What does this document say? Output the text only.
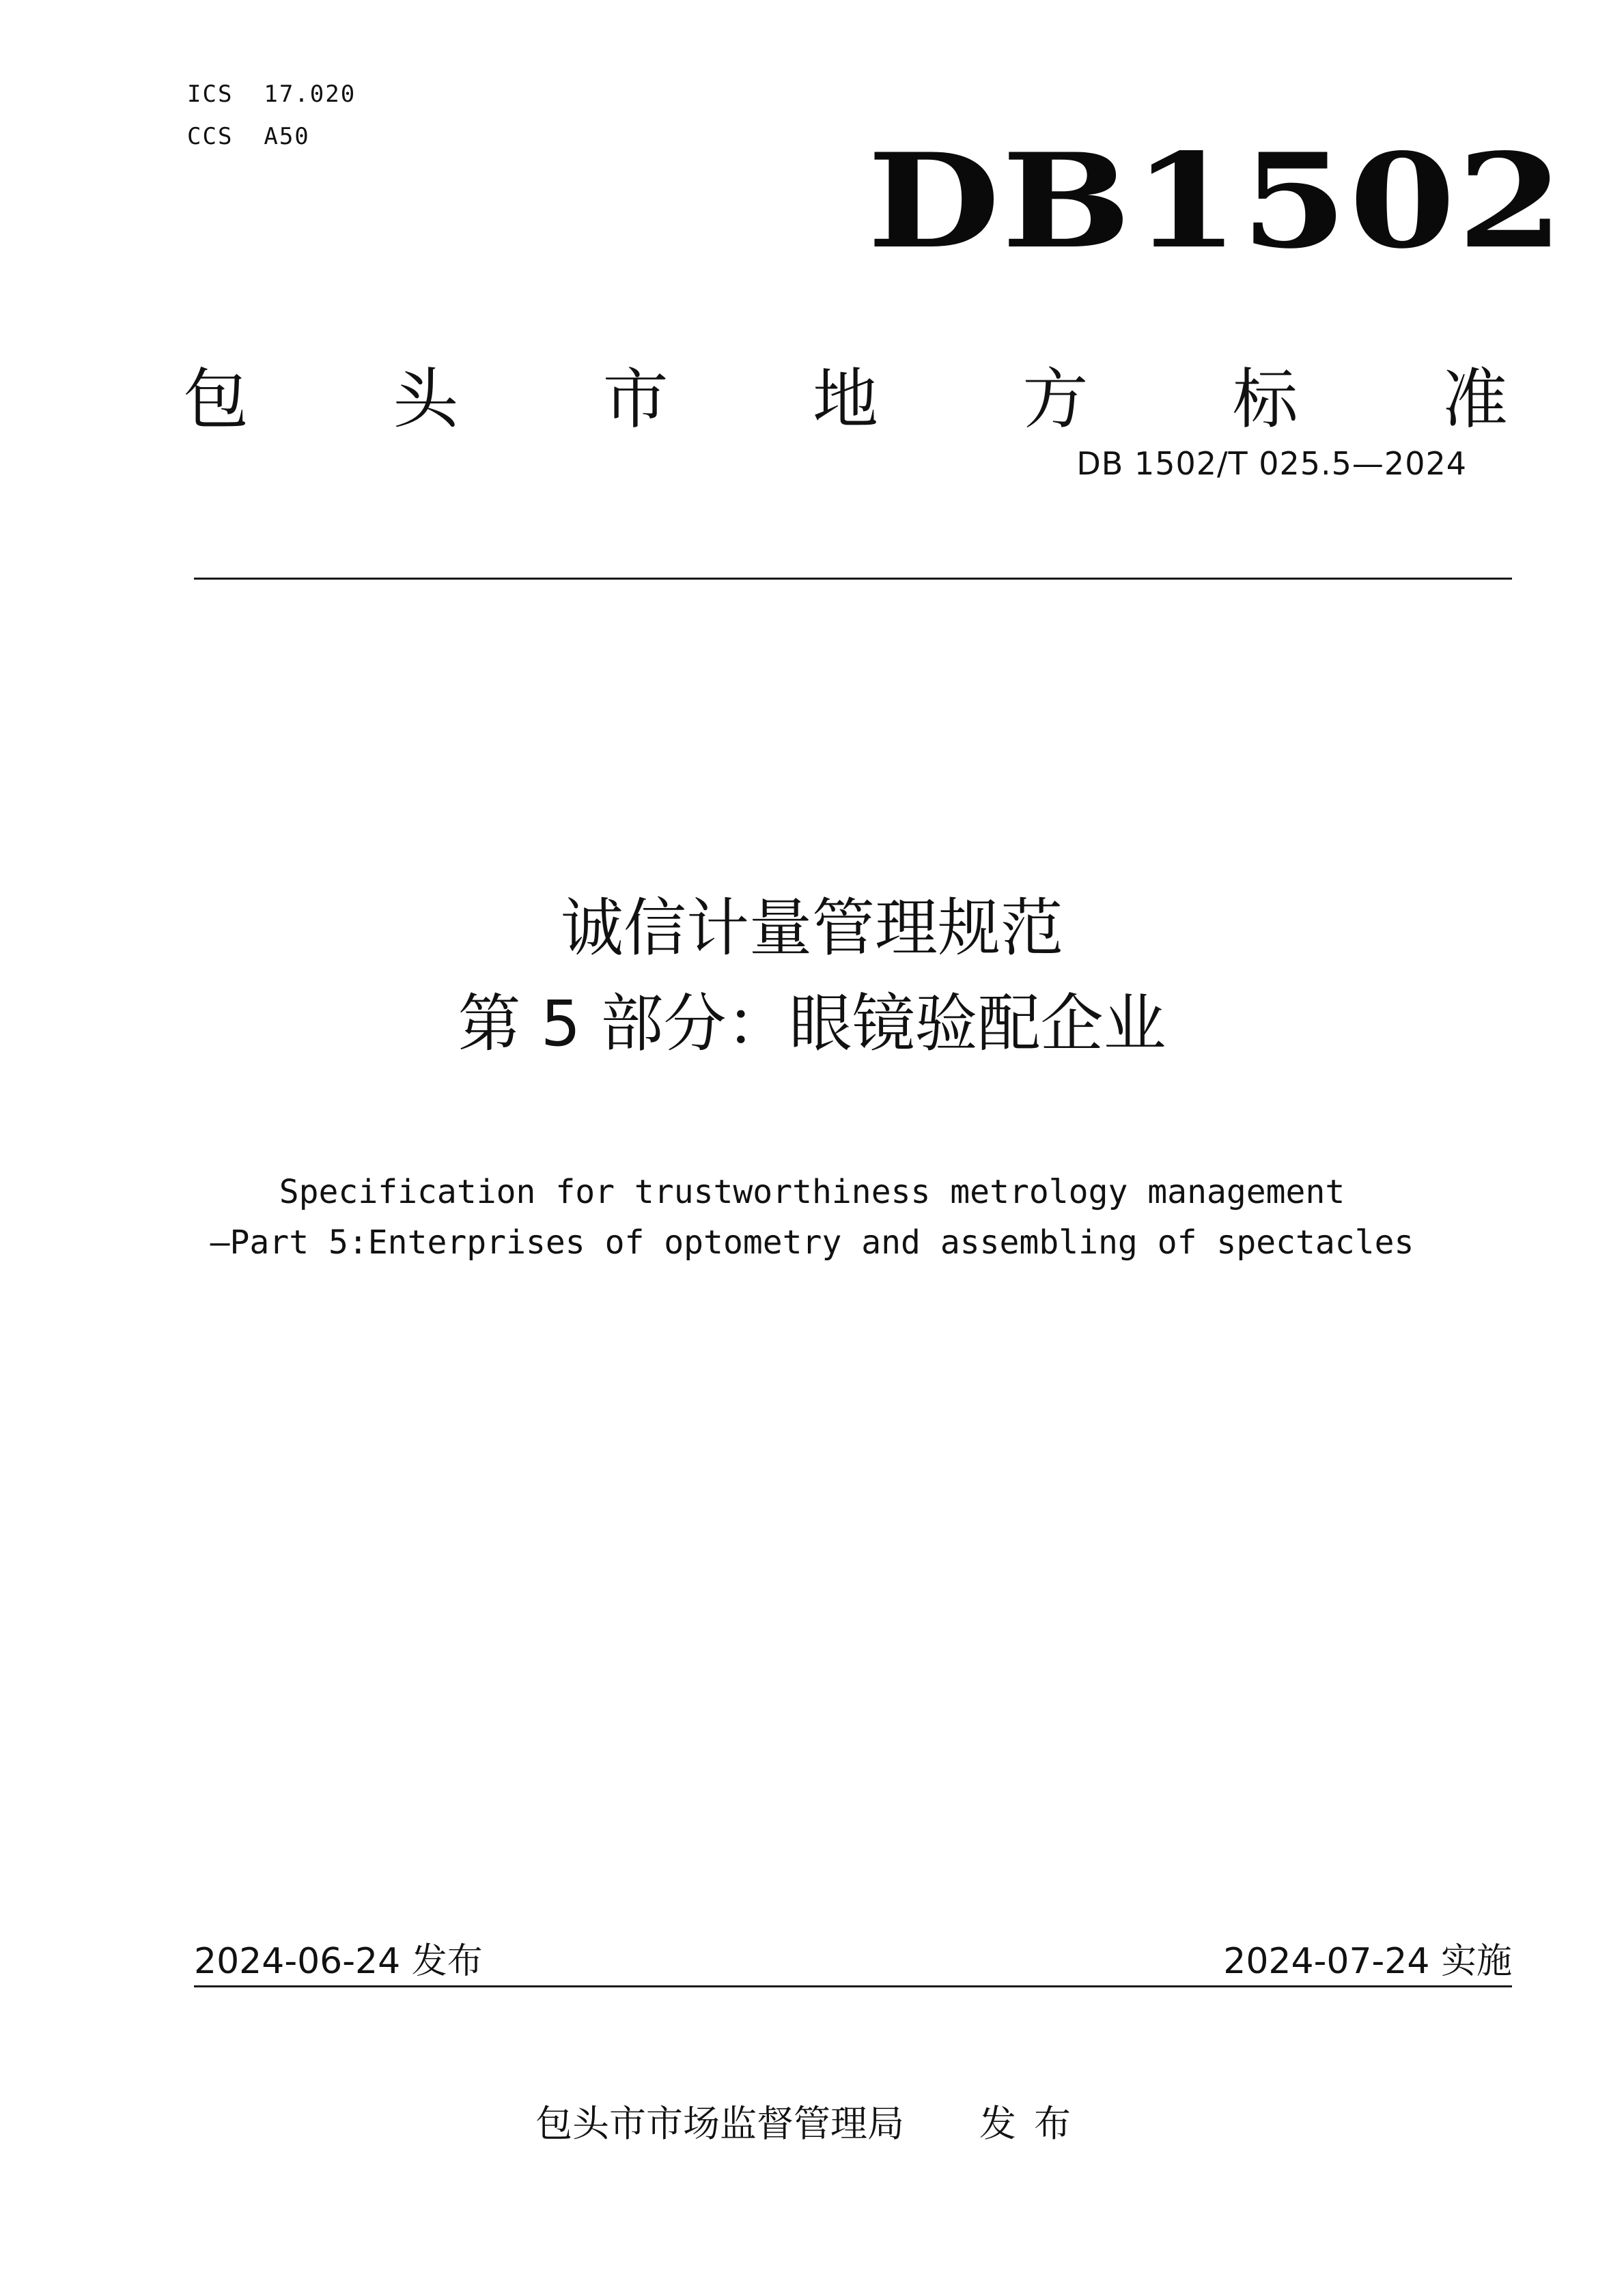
ICS  17.020
CCS  A50	DB1502
包 头 市 地 方 标 准
DB 1502/T 025.5—2024
诚信计量管理规范
第 5 部分：眼镜验配企业
Specification for trustworthiness metrology management
—Part 5:Enterprises of optometry and assembling of spectacles
2024-06-24 发布	2024-07-24 实施
包头市市场监督管理局 发布
